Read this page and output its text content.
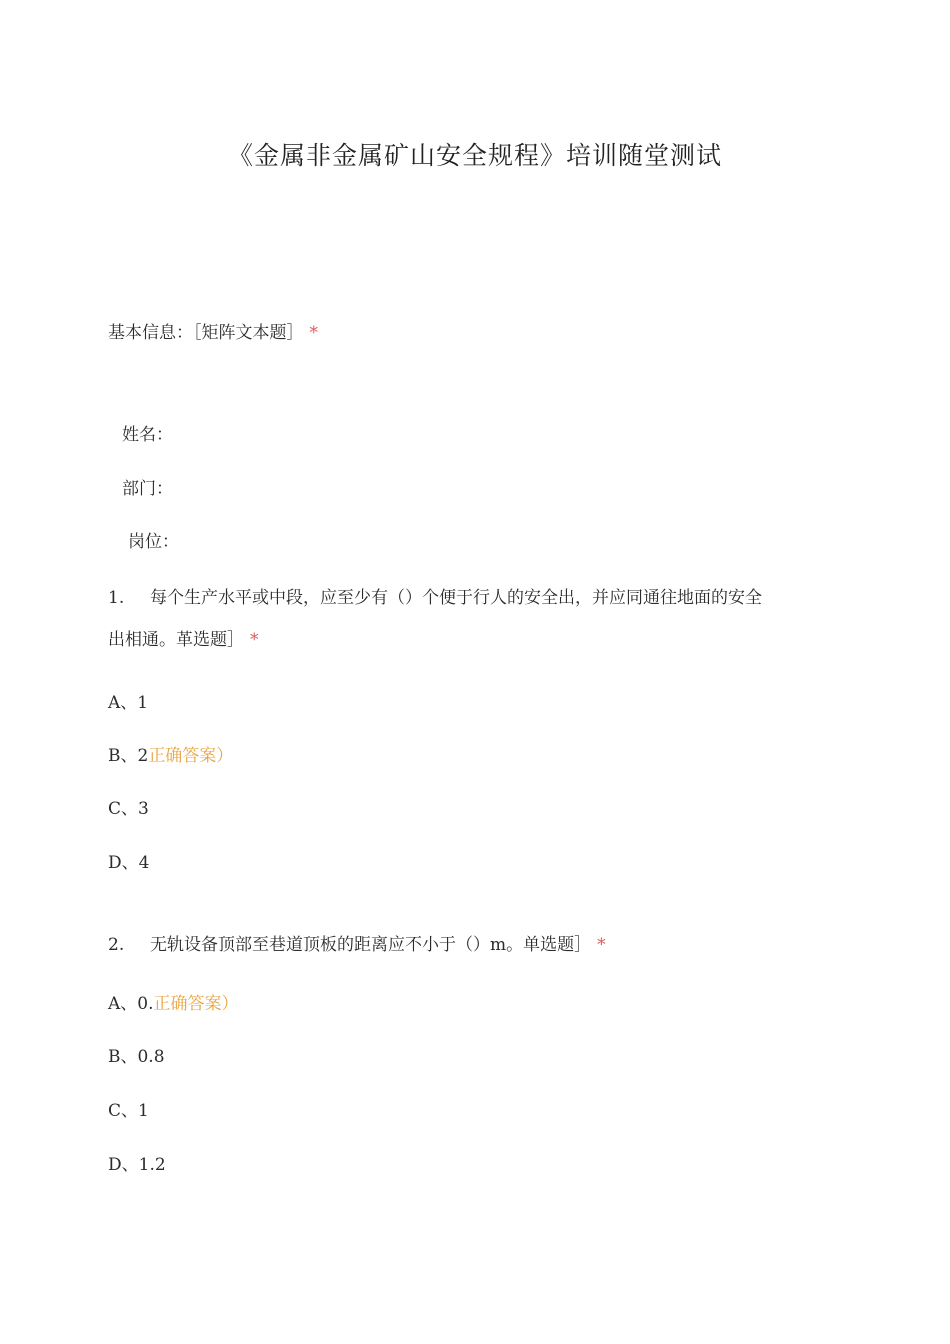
《金属非金属矿山安全规程》培训随堂测试
基本信息：［矩阵文本题］ *
姓名：
部门：
岗位：
1. 每个生产水平或中段，应至少有（）个便于行人的安全出，并应同通往地面的安全
出相通。革选题］ *
A、1
B、2正确答案）
C、3
D、4
2. 无轨设备顶部至巷道顶板的距离应不小于（）m。单选题］ *
A、0.正确答案）
B、0.8
C、1
D、1.2
